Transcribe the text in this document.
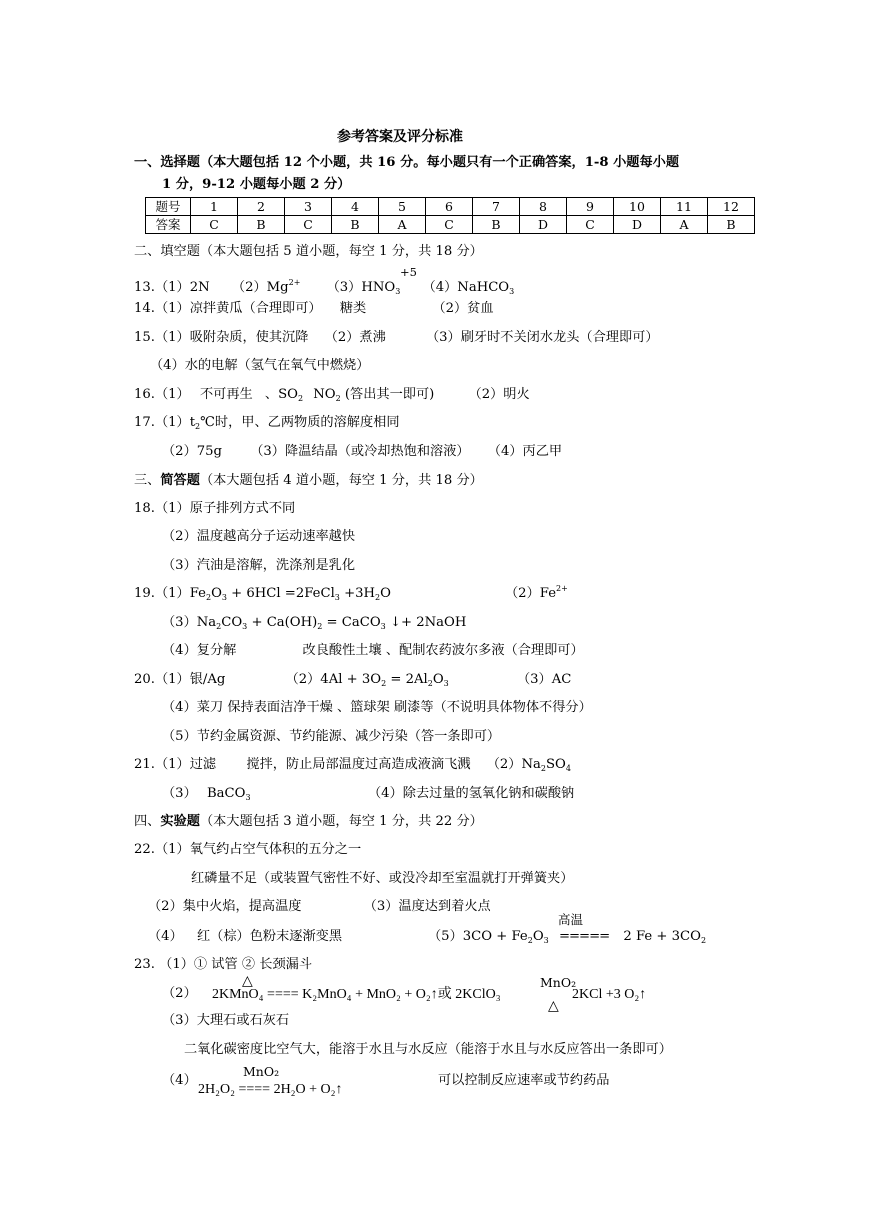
参考答案及评分标准
一、选择题（本大题包括 12 个小题，共 16 分。每小题只有一个正确答案，1-8 小题每小题
1 分，9-12 小题每小题 2 分）
题号	1	2	3	4	5	6	7	8	9	10	11	12
答案	C	B	C	B	A	C	B	D	C	D	A	B
二、填空题（本大题包括 5 道小题，每空 1 分，共 18 分）
+5
13.（1）2N $(2)Mg^{2+}$ $(3)HNO_3$ （4）NaHCO$_3$
14.（1）凉拌黄瓜（合理即可） 糖类	（2）贫血
15.（1）吸附杂质，使其沉降 （2）煮沸	（3）刷牙时不关闭水龙头（合理即可）
（4）水的电解（氢气在氧气中燃烧）
16.（1） 不可再生 、$SO_2$ $NO_2$ (答出其一即可)	（2）明火
$17.(1)t_2℃$时，甲、乙两物质的溶解度相同
（2）75g （3）降温结晶（或冷却热饱和溶液） （4）丙乙甲
三、简答题（本大题包括 4 道小题，每空 1 分，共 18 分）
18.（1）原子排列方式不同
（2）温度越高分子运动速率越快
（3）汽油是溶解，洗涤剂是乳化
$19.(1)Fe_2O_3 + 6HCl$ =2FeCl$_3$ $+3H_2O$	$(2)Fe^{2+}$
$(3)Na_2CO_3 + Ca(OH)_2$ = CaCO$_3$ ↓+ 2NaOH
（4）复分解	改良酸性土壤 、配制农药波尔多液（合理即可）
20.（1）银/Ag	$(2)4Al + 3O_2 = 2Al_2O_3$	（3）AC
（4）菜刀 保持表面洁净干燥 、篮球架 刷漆等（不说明具体物体不得分）
（5）节约金属资源、节约能源、减少污染（答一条即可）
21.（1）过滤 搅拌，防止局部温度过高造成液滴飞溅 $(2)Na_2SO_4$
（3） BaCO$_3$	（4）除去过量的氢氧化钠和碳酸钠
四、实验题（本大题包括 3 道小题，每空 1 分，共 22 分）
22.（1）氧气约占空气体积的五分之一
红磷量不足（或装置气密性不好、或没冷却至室温就打开弹簧夹）
（2）集中火焰，提高温度	（3）温度达到着火点
高温
（4） 红（棕）色粉末逐渐变黑	$(5)3CO + Fe_2O_3$ ===== 2 $Fe + 3CO_2$
23. （1）① 试管 ② 长颈漏斗
△	MnO₂
（2） 2KMnO₄ ==== K₂MnO₄ + MnO₂ + O₂↑或 2KClO₃	2KCl +3 O₂↑
△
（3）大理石或石灰石
二氧化碳密度比空气大，能溶于水且与水反应（能溶于水且与水反应答出一条即可）
MnO₂
（4）
2H₂O₂ ==== 2H₂O + O₂↑
可以控制反应速率或节约药品
